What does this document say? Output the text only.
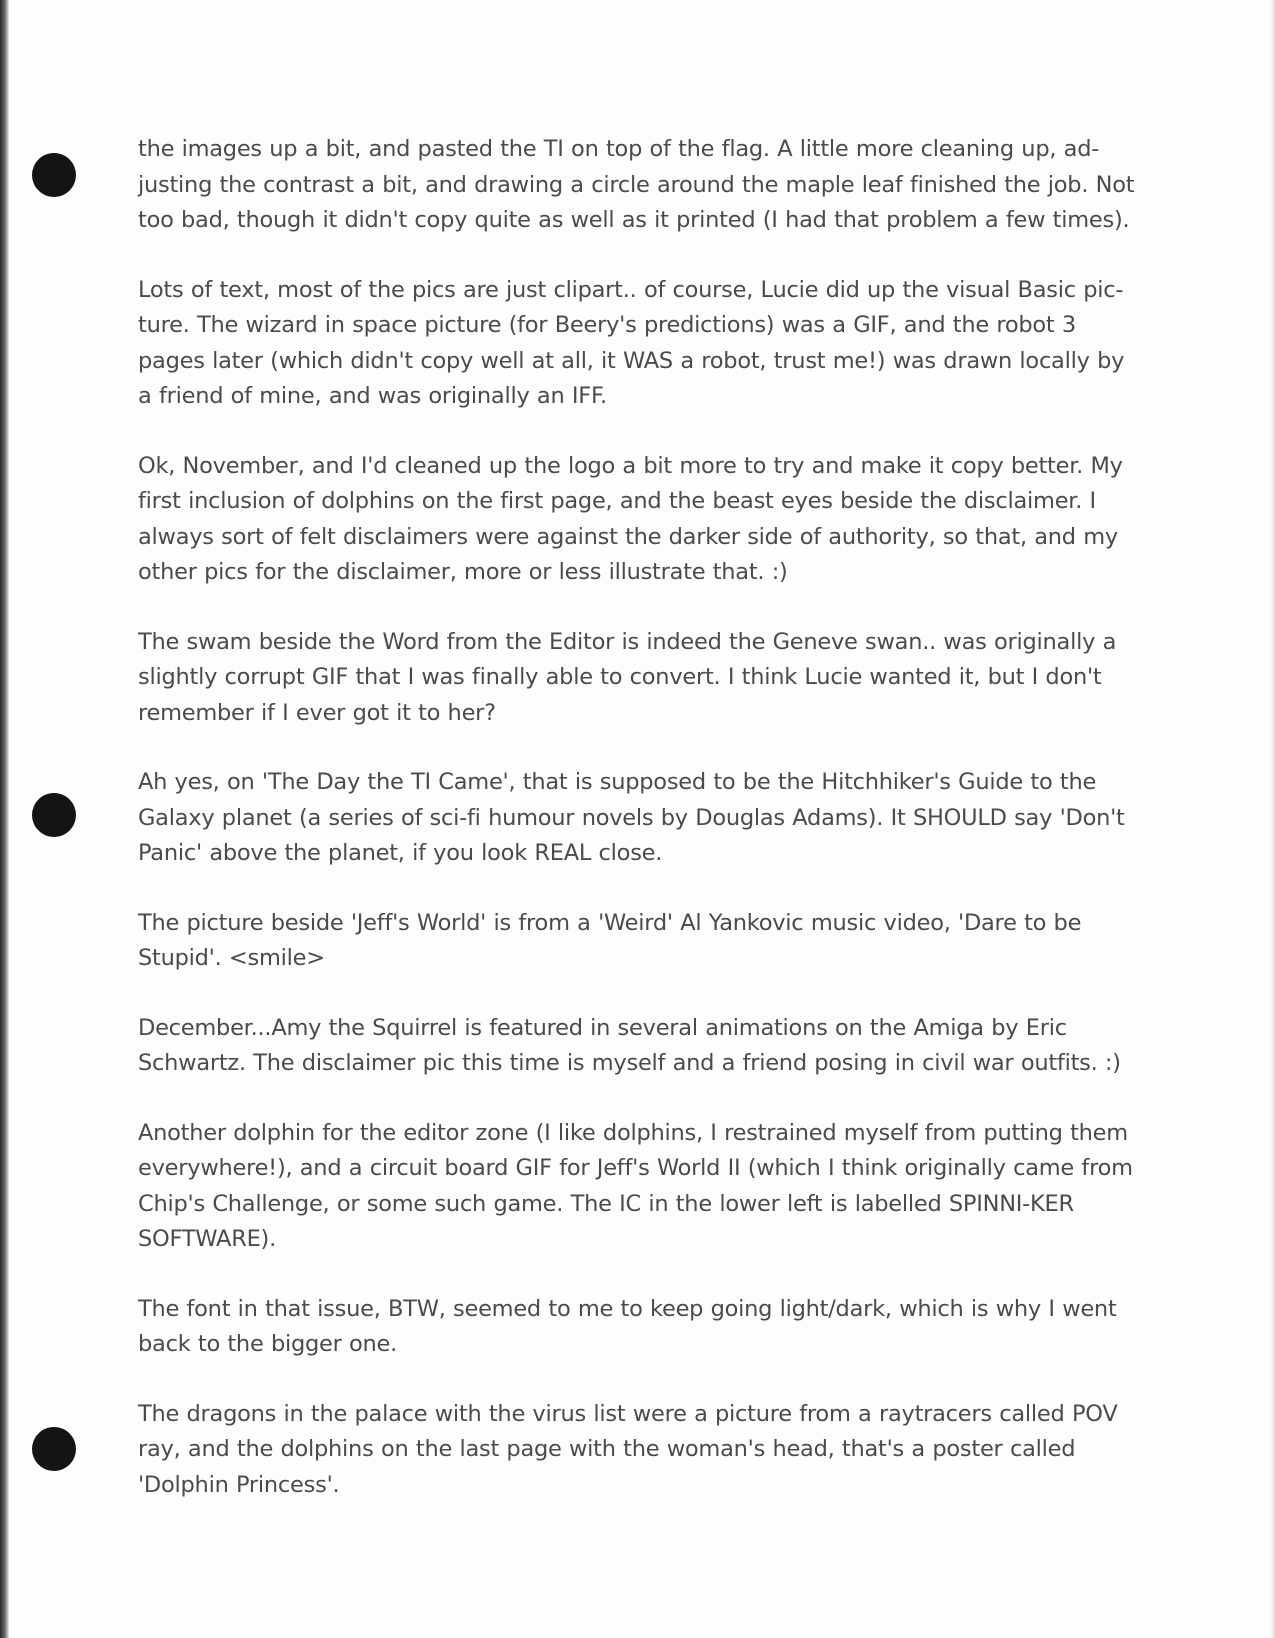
the images up a bit, and pasted the TI on top of the flag. A little more cleaning up, ad-justing the contrast a bit, and drawing a circle around the maple leaf finished the job. Not too bad, though it didn't copy quite as well as it printed (I had that problem a few times).

Lots of text, most of the pics are just clipart.. of course, Lucie did up the visual Basic pic-ture. The wizard in space picture (for Beery's predictions) was a GIF, and the robot 3 pages later (which didn't copy well at all, it WAS a robot, trust me!) was drawn locally by a friend of mine, and was originally an IFF.

Ok, November, and I'd cleaned up the logo a bit more to try and make it copy better. My first inclusion of dolphins on the first page, and the beast eyes beside the disclaimer. I always sort of felt disclaimers were against the darker side of authority, so that, and my other pics for the disclaimer, more or less illustrate that. :)

The swam beside the Word from the Editor is indeed the Geneve swan.. was originally a slightly corrupt GIF that I was finally able to convert. I think Lucie wanted it, but I don't remember if I ever got it to her?

Ah yes, on 'The Day the TI Came', that is supposed to be the Hitchhiker's Guide to the Galaxy planet (a series of sci-fi humour novels by Douglas Adams). It SHOULD say 'Don't Panic' above the planet, if you look REAL close.

The picture beside 'Jeff's World' is from a 'Weird' Al Yankovic music video, 'Dare to be Stupid'. <smile>

December...Amy the Squirrel is featured in several animations on the Amiga by Eric Schwartz. The disclaimer pic this time is myself and a friend posing in civil war outfits. :)

Another dolphin for the editor zone (I like dolphins, I restrained myself from putting them everywhere!), and a circuit board GIF for Jeff's World II (which I think originally came from Chip's Challenge, or some such game. The IC in the lower left is labelled SPINNI-KER SOFTWARE).

The font in that issue, BTW, seemed to me to keep going light/dark, which is why I went back to the bigger one.

The dragons in the palace with the virus list were a picture from a raytracers called POV ray, and the dolphins on the last page with the woman's head, that's a poster called 'Dolphin Princess'.
